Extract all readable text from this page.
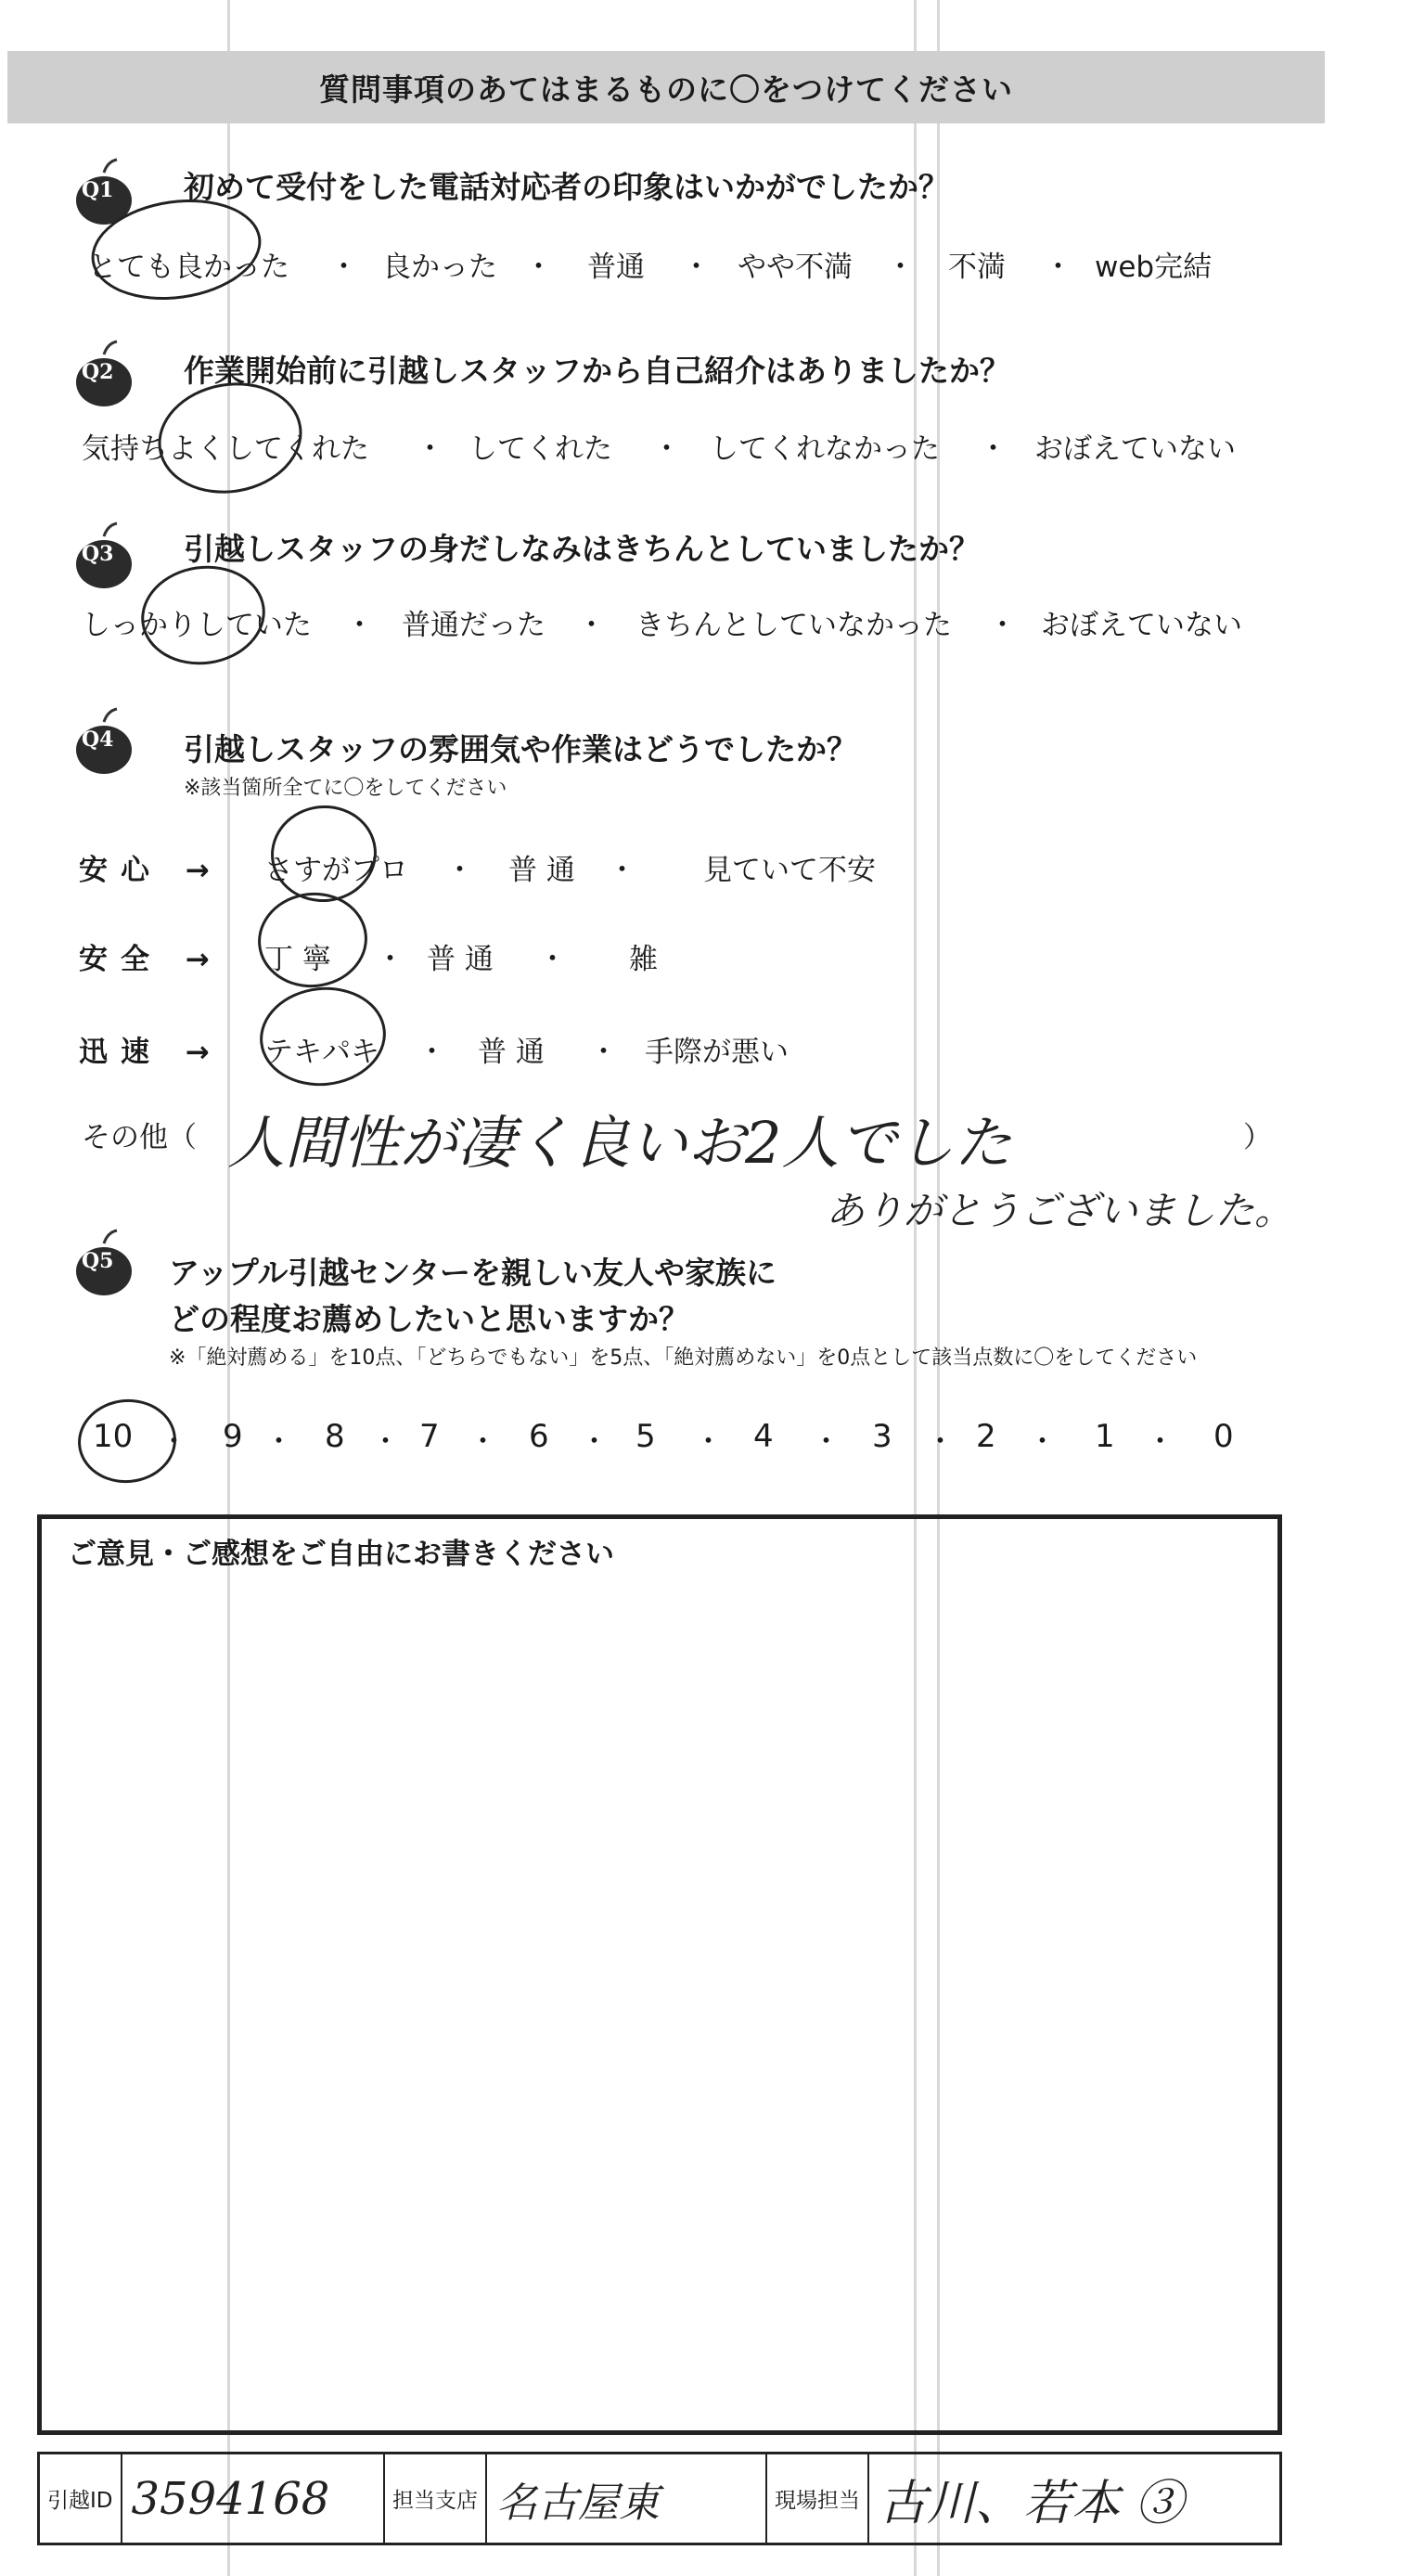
質問事項のあてはまるものに〇をつけてください
Q1 初めて受付をした電話対応者の印象はいかがでしたか？
とても良かった ・ 良かった ・ 普通 ・ やや不満 ・ 不満 ・ web完結
Q2 作業開始前に引越しスタッフから自己紹介はありましたか？
気持ちよくしてくれた ・ してくれた ・ してくれなかった ・ おぼえていない
Q3 引越しスタッフの身だしなみはきちんとしていましたか？
しっかりしていた ・ 普通だった ・ きちんとしていなかった ・ おぼえていない
Q4 引越しスタッフの雰囲気や作業はどうでしたか？
※該当箇所全てに〇をしてください
安心 → さすがプロ ・ 普 通 ・ 見ていて不安
安全 → 丁 寧 ・ 普 通 ・ 雑
迅速 → テキパキ ・ 普 通 ・ 手際が悪い
その他（ 人間性が凄く良いお2人でした	）
ありがとうございました。
Q5 アップル引越センターを親しい友人や家族に
どの程度お薦めしたいと思いますか？
※「絶対薦める」を10点、「どちらでもない」を5点、「絶対薦めない」を0点として該当点数に〇をしてください
10 ・ 9 ・ 8 ・ 7 ・ 6 ・ 5 ・ 4 ・ 3 ・ 2 ・ 1 ・ 0
ご意見・ご感想をご自由にお書きください
引越ID 3594168	担当支店 名古屋東	現場担当 古川、若本 ③
